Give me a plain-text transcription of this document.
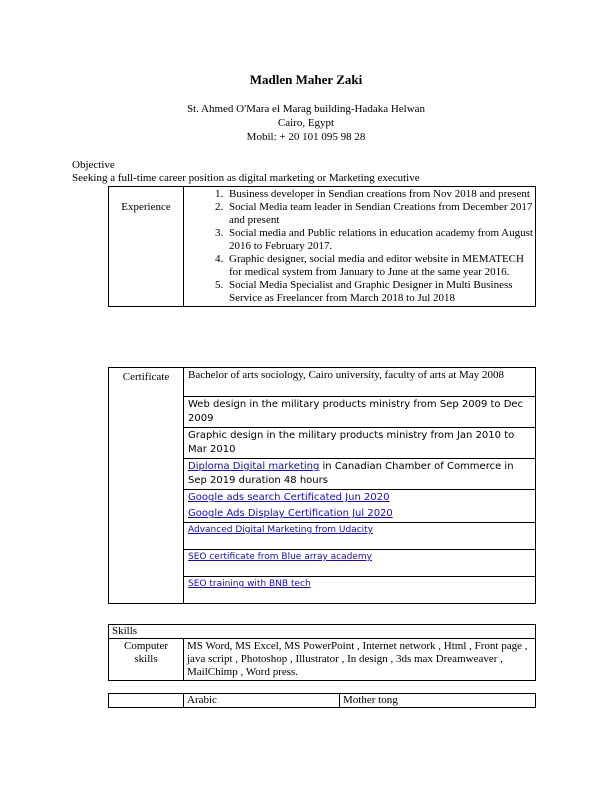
Madlen Maher Zaki
St. Ahmed O'Mara el Marag building-Hadaka Helwan
Cairo, Egypt
Mobil: + 20 101 095 98 28
Objective
Seeking a full-time career position as digital marketing or Marketing executive
Experience	
1. Business developer in Sendian creations from Nov 2018 and present
2. Social Media team leader in Sendian Creations from December 2017 and present
3. Social media and Public relations in education academy from August 2016 to February 2017.
4. Graphic designer, social media and editor website in MEMATECH for medical system from January to June at the same year 2016.
5. Social Media Specialist and Graphic Designer in Multi Business Service as Freelancer from March 2018 to Jul 2018
Certificate	Bachelor of arts sociology, Cairo university, faculty of arts at May 2008
Web design in the military products ministry from Sep 2009 to Dec 2009
Graphic design in the military products ministry from Jan 2010 to Mar 2010
Diploma Digital marketing in Canadian Chamber of Commerce in Sep 2019 duration 48 hours
Google ads search Certificated Jun 2020
Google Ads Display Certification Jul 2020
Advanced Digital Marketing from Udacity
SEO certificate from Blue array academy
SEO training with BNB tech
Skills
Computer skills	MS Word, MS Excel, MS PowerPoint , Internet network , Html , Front page , java script , Photoshop , Illustrator , In design , 3ds max Dreamweaver , MailChimp , Word press.
	Arabic	Mother tong
